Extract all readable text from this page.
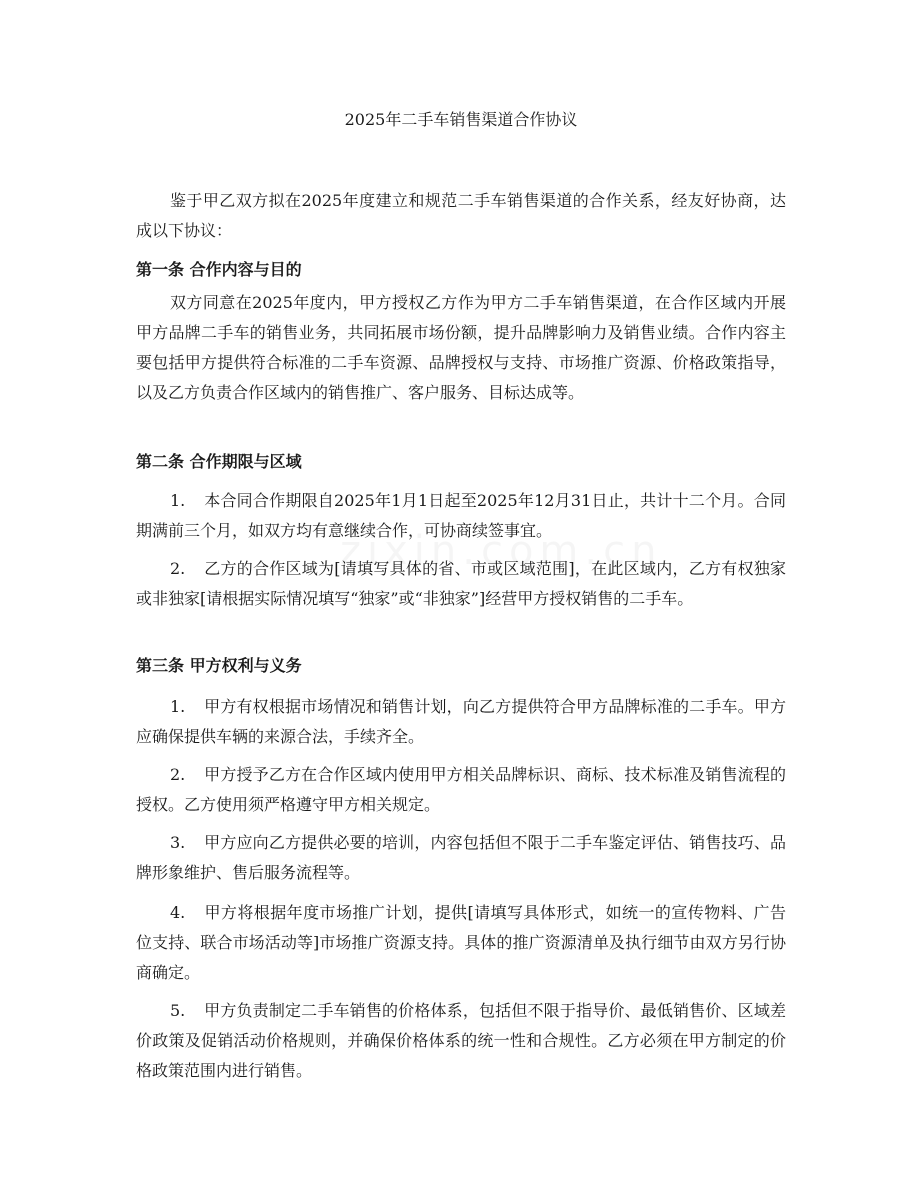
2025年二手车销售渠道合作协议

鉴于甲乙双方拟在2025年度建立和规范二手车销售渠道的合作关系，经友好协商，达成以下协议：

第一条 合作内容与目的

双方同意在2025年度内，甲方授权乙方作为甲方二手车销售渠道，在合作区域内开展甲方品牌二手车的销售业务，共同拓展市场份额，提升品牌影响力及销售业绩。合作内容主要包括甲方提供符合标准的二手车资源、品牌授权与支持、市场推广资源、价格政策指导，以及乙方负责合作区域内的销售推广、客户服务、目标达成等。

第二条 合作期限与区域

1. 本合同合作期限自2025年1月1日起至2025年12月31日止，共计十二个月。合同期满前三个月，如双方均有意继续合作，可协商续签事宜。

2. 乙方的合作区域为[请填写具体的省、市或区域范围]，在此区域内，乙方有权独家或非独家[请根据实际情况填写“独家”或“非独家”]经营甲方授权销售的二手车。

第三条 甲方权利与义务

1. 甲方有权根据市场情况和销售计划，向乙方提供符合甲方品牌标准的二手车。甲方应确保提供车辆的来源合法，手续齐全。

2. 甲方授予乙方在合作区域内使用甲方相关品牌标识、商标、技术标准及销售流程的授权。乙方使用须严格遵守甲方相关规定。

3. 甲方应向乙方提供必要的培训，内容包括但不限于二手车鉴定评估、销售技巧、品牌形象维护、售后服务流程等。

4. 甲方将根据年度市场推广计划，提供[请填写具体形式，如统一的宣传物料、广告位支持、联合市场活动等]市场推广资源支持。具体的推广资源清单及执行细节由双方另行协商确定。

5. 甲方负责制定二手车销售的价格体系，包括但不限于指导价、最低销售价、区域差价政策及促销活动价格规则，并确保价格体系的统一性和合规性。乙方必须在甲方制定的价格政策范围内进行销售。
